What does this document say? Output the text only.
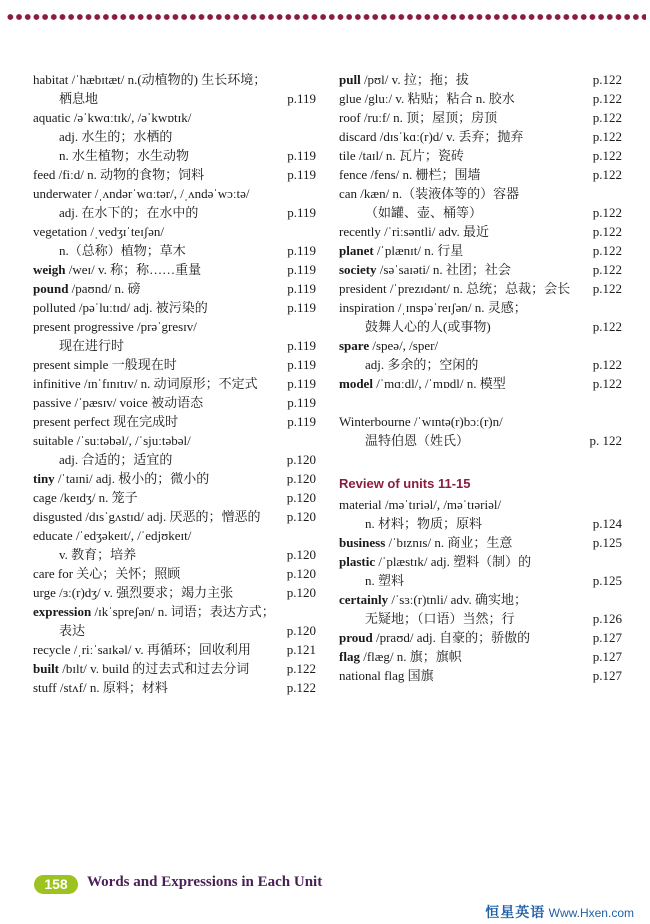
habitat /ˈhæbɪtæt/ n.(动植物的) 生长环境；
栖息地	p.119
aquatic /əˈkwɑːtɪk/, /əˈkwɒtɪk/
adj. 水生的；水栖的
n. 水生植物；水生动物	p.119
feed /fiːd/ n. 动物的食物；饲料	p.119
underwater /ˌʌndərˈwɑːtər/, /ˌʌndəˈwɔːtə/
adj. 在水下的；在水中的	p.119
vegetation /ˌvedʒɪˈteɪʃən/
n.（总称）植物；草木	p.119
weigh /weɪ/ v. 称；称……重量	p.119
pound /paʊnd/ n. 磅	p.119
polluted /pəˈluːtɪd/ adj. 被污染的	p.119
present progressive /prəˈgresɪv/
现在进行时	p.119
present simple 一般现在时	p.119
infinitive /ɪnˈfɪnɪtɪv/ n. 动词原形；不定式 p.119
passive /ˈpæsɪv/ voice 被动语态	p.119
present perfect 现在完成时	p.119
suitable /ˈsuːtəbəl/, /ˈsjuːtəbəl/
adj. 合适的；适宜的	p.120
tiny /ˈtaɪni/ adj. 极小的；微小的	p.120
cage /keɪdʒ/ n. 笼子	p.120
disgusted /dɪsˈgʌstɪd/ adj. 厌恶的；憎恶的 p.120
educate /ˈedʒəkeɪt/, /ˈedjʊkeɪt/
v. 教育；培养	p.120
care for 关心；关怀；照顾	p.120
urge /ɜː(r)dʒ/ v. 强烈要求；竭力主张	p.120
expression /ɪkˈspreʃən/ n. 词语；表达方式；
表达	p.120
recycle /ˌriːˈsaɪkəl/ v. 再循环；回收利用	p.121
built /bɪlt/ v. build 的过去式和过去分词	p.122
stuff /stʌf/ n. 原料；材料	p.122
pull /pʊl/ v. 拉；拖；拔	p.122
glue /gluː/ v. 粘贴；粘合 n. 胶水	p.122
roof /ruːf/ n. 顶；屋顶；房顶	p.122
discard /dɪsˈkɑː(r)d/ v. 丢弃；抛弃	p.122
tile /taɪl/ n. 瓦片；瓷砖	p.122
fence /fens/ n. 栅栏；围墙	p.122
can /kæn/ n.（装液体等的）容器
（如罐、壶、桶等）	p.122
recently /ˈriːsəntli/ adv. 最近	p.122
planet /ˈplænɪt/ n. 行星	p.122
society /səˈsaɪəti/ n. 社团；社会	p.122
president /ˈprezɪdənt/ n. 总统；总裁；会长 p.122
inspiration /ˌɪnspəˈreɪʃən/ n. 灵感；
鼓舞人心的人(或事物)	p.122
spare /speə/, /sper/
adj. 多余的；空闲的	p.122
model /ˈmɑːdl/, /ˈmɒdl/ n. 模型	p.122
Winterbourne /ˈwɪntə(r)bɔː(r)n/
温特伯恩（姓氏）	p. 122
Review of units 11-15
material /məˈtɪriəl/, /məˈtɪəriəl/
n. 材料；物质；原料	p.124
business /ˈbɪznɪs/ n. 商业；生意	p.125
plastic /ˈplæstɪk/ adj. 塑料（制）的
n. 塑料	p.125
certainly /ˈsɜː(r)tnli/ adv. 确实地；
无疑地；（口语）当然；行	p.126
proud /praʊd/ adj. 自豪的；骄傲的	p.127
flag /flæg/ n. 旗；旗帜	p.127
national flag 国旗	p.127
158	Words and Expressions in Each Unit
恒星英语 Www.Hxen.com
